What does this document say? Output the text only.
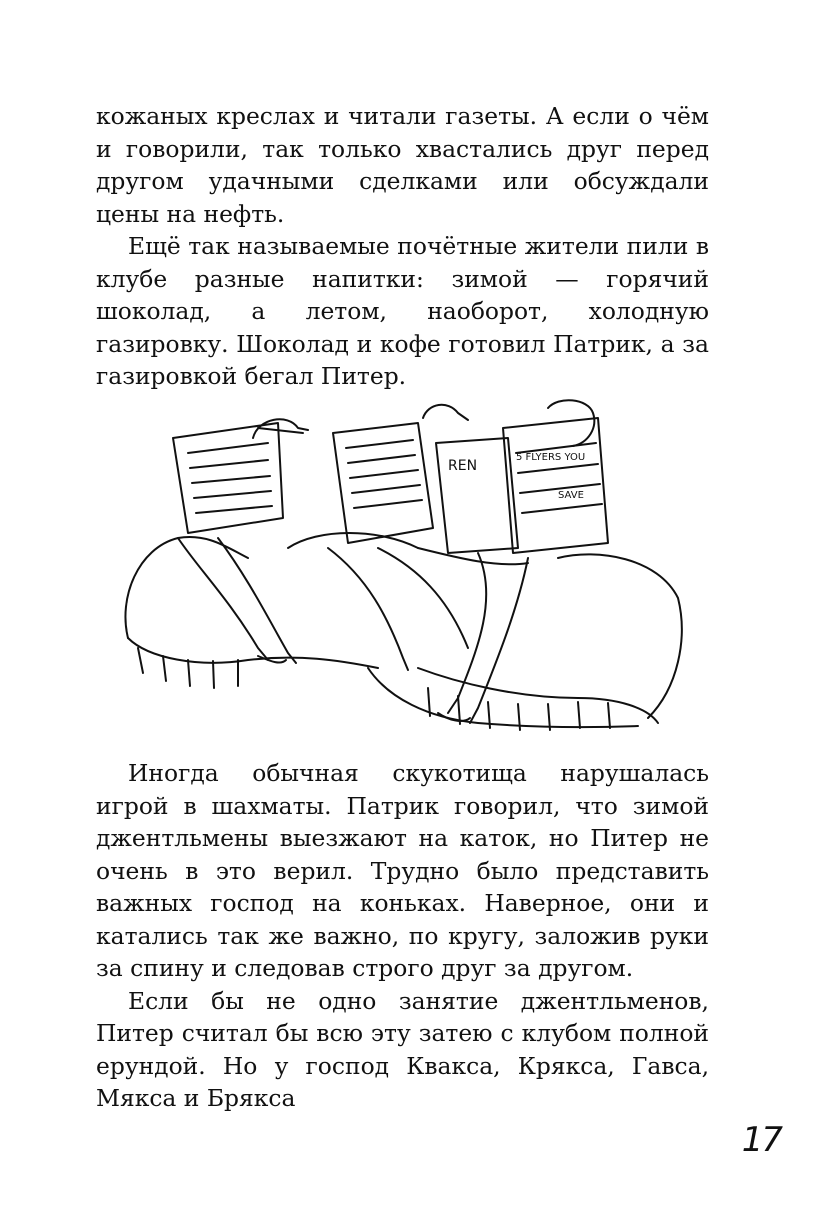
кожаных креслах и читали газеты. А если о чём и говорили, так только хвастались друг перед другом удачными сделками или обсуждали цены на нефть.

Ещё так называемые почётные жители пили в клубе разные напитки: зимой — горячий шоколад, а летом, наоборот, холодную газировку. Шоколад и кофе готовил Патрик, а за газировкой бегал Питер.

REN
5 FLYERS YOU
SAVE

Иногда обычная скукотища нарушалась игрой в шахматы. Патрик говорил, что зимой джентльмены выезжают на каток, но Питер не очень в это верил. Трудно было представить важных господ на коньках. Наверное, они и катались так же важно, по кругу, заложив руки за спину и следовав строго друг за другом.

Если бы не одно занятие джентльменов, Питер считал бы всю эту затею с клубом полной ерундой. Но у господ Квакса, Крякса, Гавса, Мякса и Брякса

17
